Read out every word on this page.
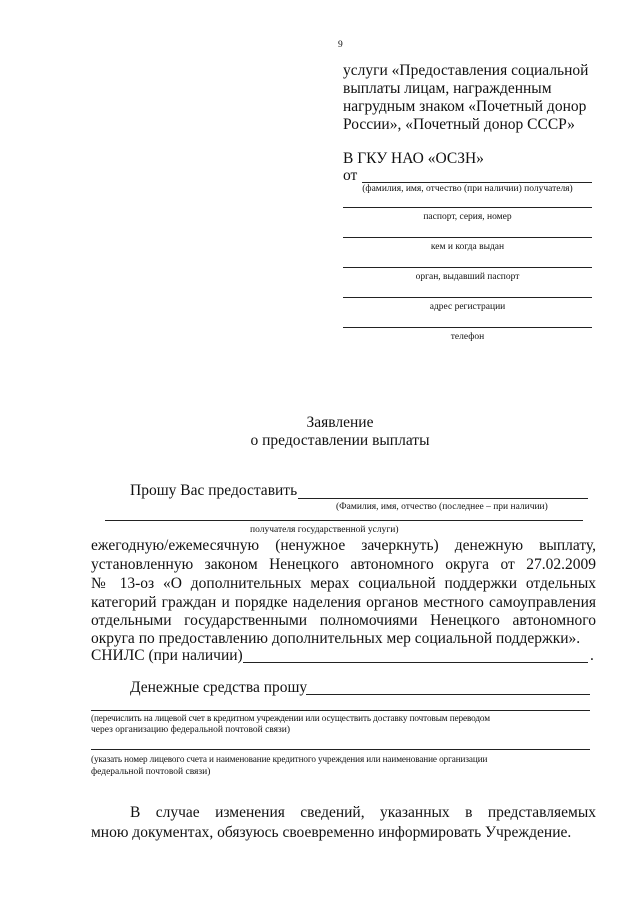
9
услуги «Предоставления социальной
выплаты лицам, награжденным
нагрудным знаком «Почетный донор
России», «Почетный донор СССР»
В ГКУ НАО «ОСЗН»
от
(фамилия, имя, отчество (при наличии) получателя)
паспорт, серия, номер
кем и когда выдан
орган, выдавший паспорт
адрес регистрации
телефон
Заявление
о предоставлении выплаты
Прошу Вас предоставить
(Фамилия, имя, отчество (последнее – при наличии)
получателя государственной услуги)
ежегодную/ежемесячную (ненужное зачеркнуть) денежную выплату,
установленную законом Ненецкого автономного округа от 27.02.2009
№ 13-оз «О дополнительных мерах социальной поддержки отдельных
категорий граждан и порядке наделения органов местного самоуправления
отдельными государственными полномочиями Ненецкого автономного
округа по предоставлению дополнительных мер социальной поддержки».
СНИЛС (при наличии)	.
Денежные средства прошу
(перечислить на лицевой счет в кредитном учреждении или осуществить доставку почтовым переводом
через организацию федеральной почтовой связи)
(указать номер лицевого счета и наименование кредитного учреждения или наименование организации
федеральной почтовой связи)
В случае изменения сведений, указанных в представляемых
мною документах, обязуюсь своевременно информировать Учреждение.
